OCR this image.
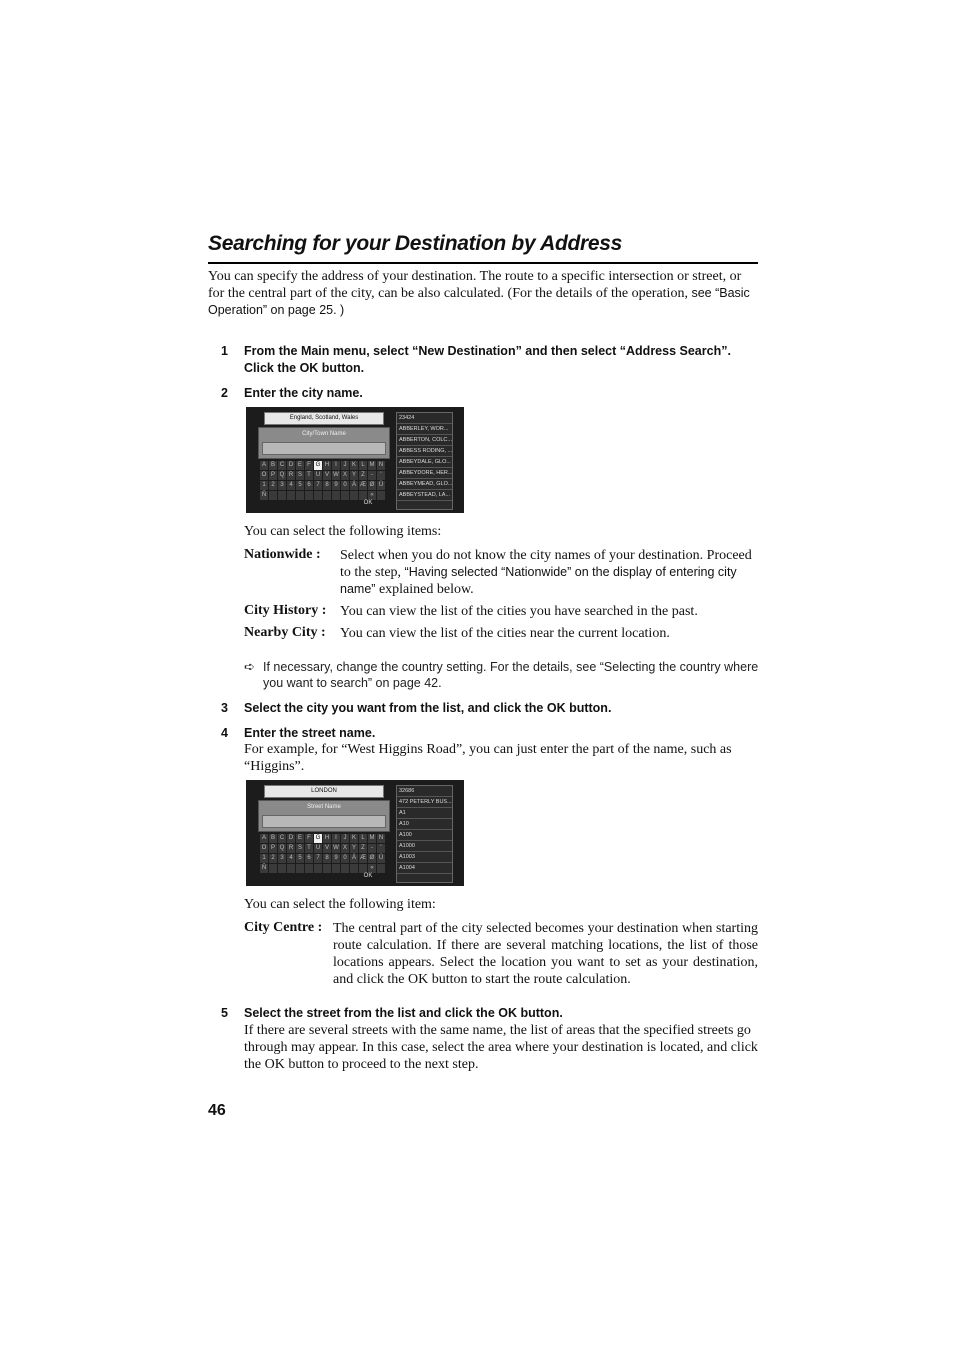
Searching for your Destination by Address
You can specify the address of your destination. The route to a specific intersection or street, or for the central part of the city, can be also calculated. (For the details of the operation, see “Basic Operation” on page 25. )
1	From the Main menu, select “New Destination” and then select “Address Search”. Click the OK button.
2	Enter the city name.
England, Scotland, Wales
City/Town Name
A B C D E F G H I	J K L M N
O P Q R S T U V W X Y Z	-	'
1 2 3 4 5 6 7 8 9 0 Ä Æ Ø Ü
Ñ	«
23424
ABBERLEY, WOR...
ABBERTON, COLC...
ABBESS RODING, ...
ABBEYDALE, GLO...
ABBEYDORE, HER...
ABBEYMEAD, GLO...
ABBEYSTEAD, LA...
OK
You can select the following items:
Nationwide : Select when you do not know the city names of your destination. Proceed to the step, “Having selected “Nationwide” on the display of entering city name” explained below.
City History : You can view the list of the cities you have searched in the past.
Nearby City : You can view the list of the cities near the current location.
➪ If necessary, change the country setting. For the details, see “Selecting the country where you want to search” on page 42.
3	Select the city you want from the list, and click the OK button.
4	Enter the street name.
For example, for “West Higgins Road”, you can just enter the part of the name, such as “Higgins”.
LONDON
Street Name
A B C D E F G H I	J K L M N
O P Q R S T U V W X Y Z	-	'
1 2 3 4 5 6 7 8 9 0 Ä Æ Ø Ü
Ñ	«
32686
472 PETERLY BUS...
A1
A10
A100
A1000
A1003
A1004
OK
You can select the following item:
City Centre : The central part of the city selected becomes your destination when starting route calculation. If there are several matching locations, the list of those locations appears. Select the location you want to set as your destination, and click the OK button to start the route calculation.
5	Select the street from the list and click the OK button.
If there are several streets with the same name, the list of areas that the specified streets go through may appear. In this case, select the area where your destination is located, and click the OK button to proceed to the next step.
46
